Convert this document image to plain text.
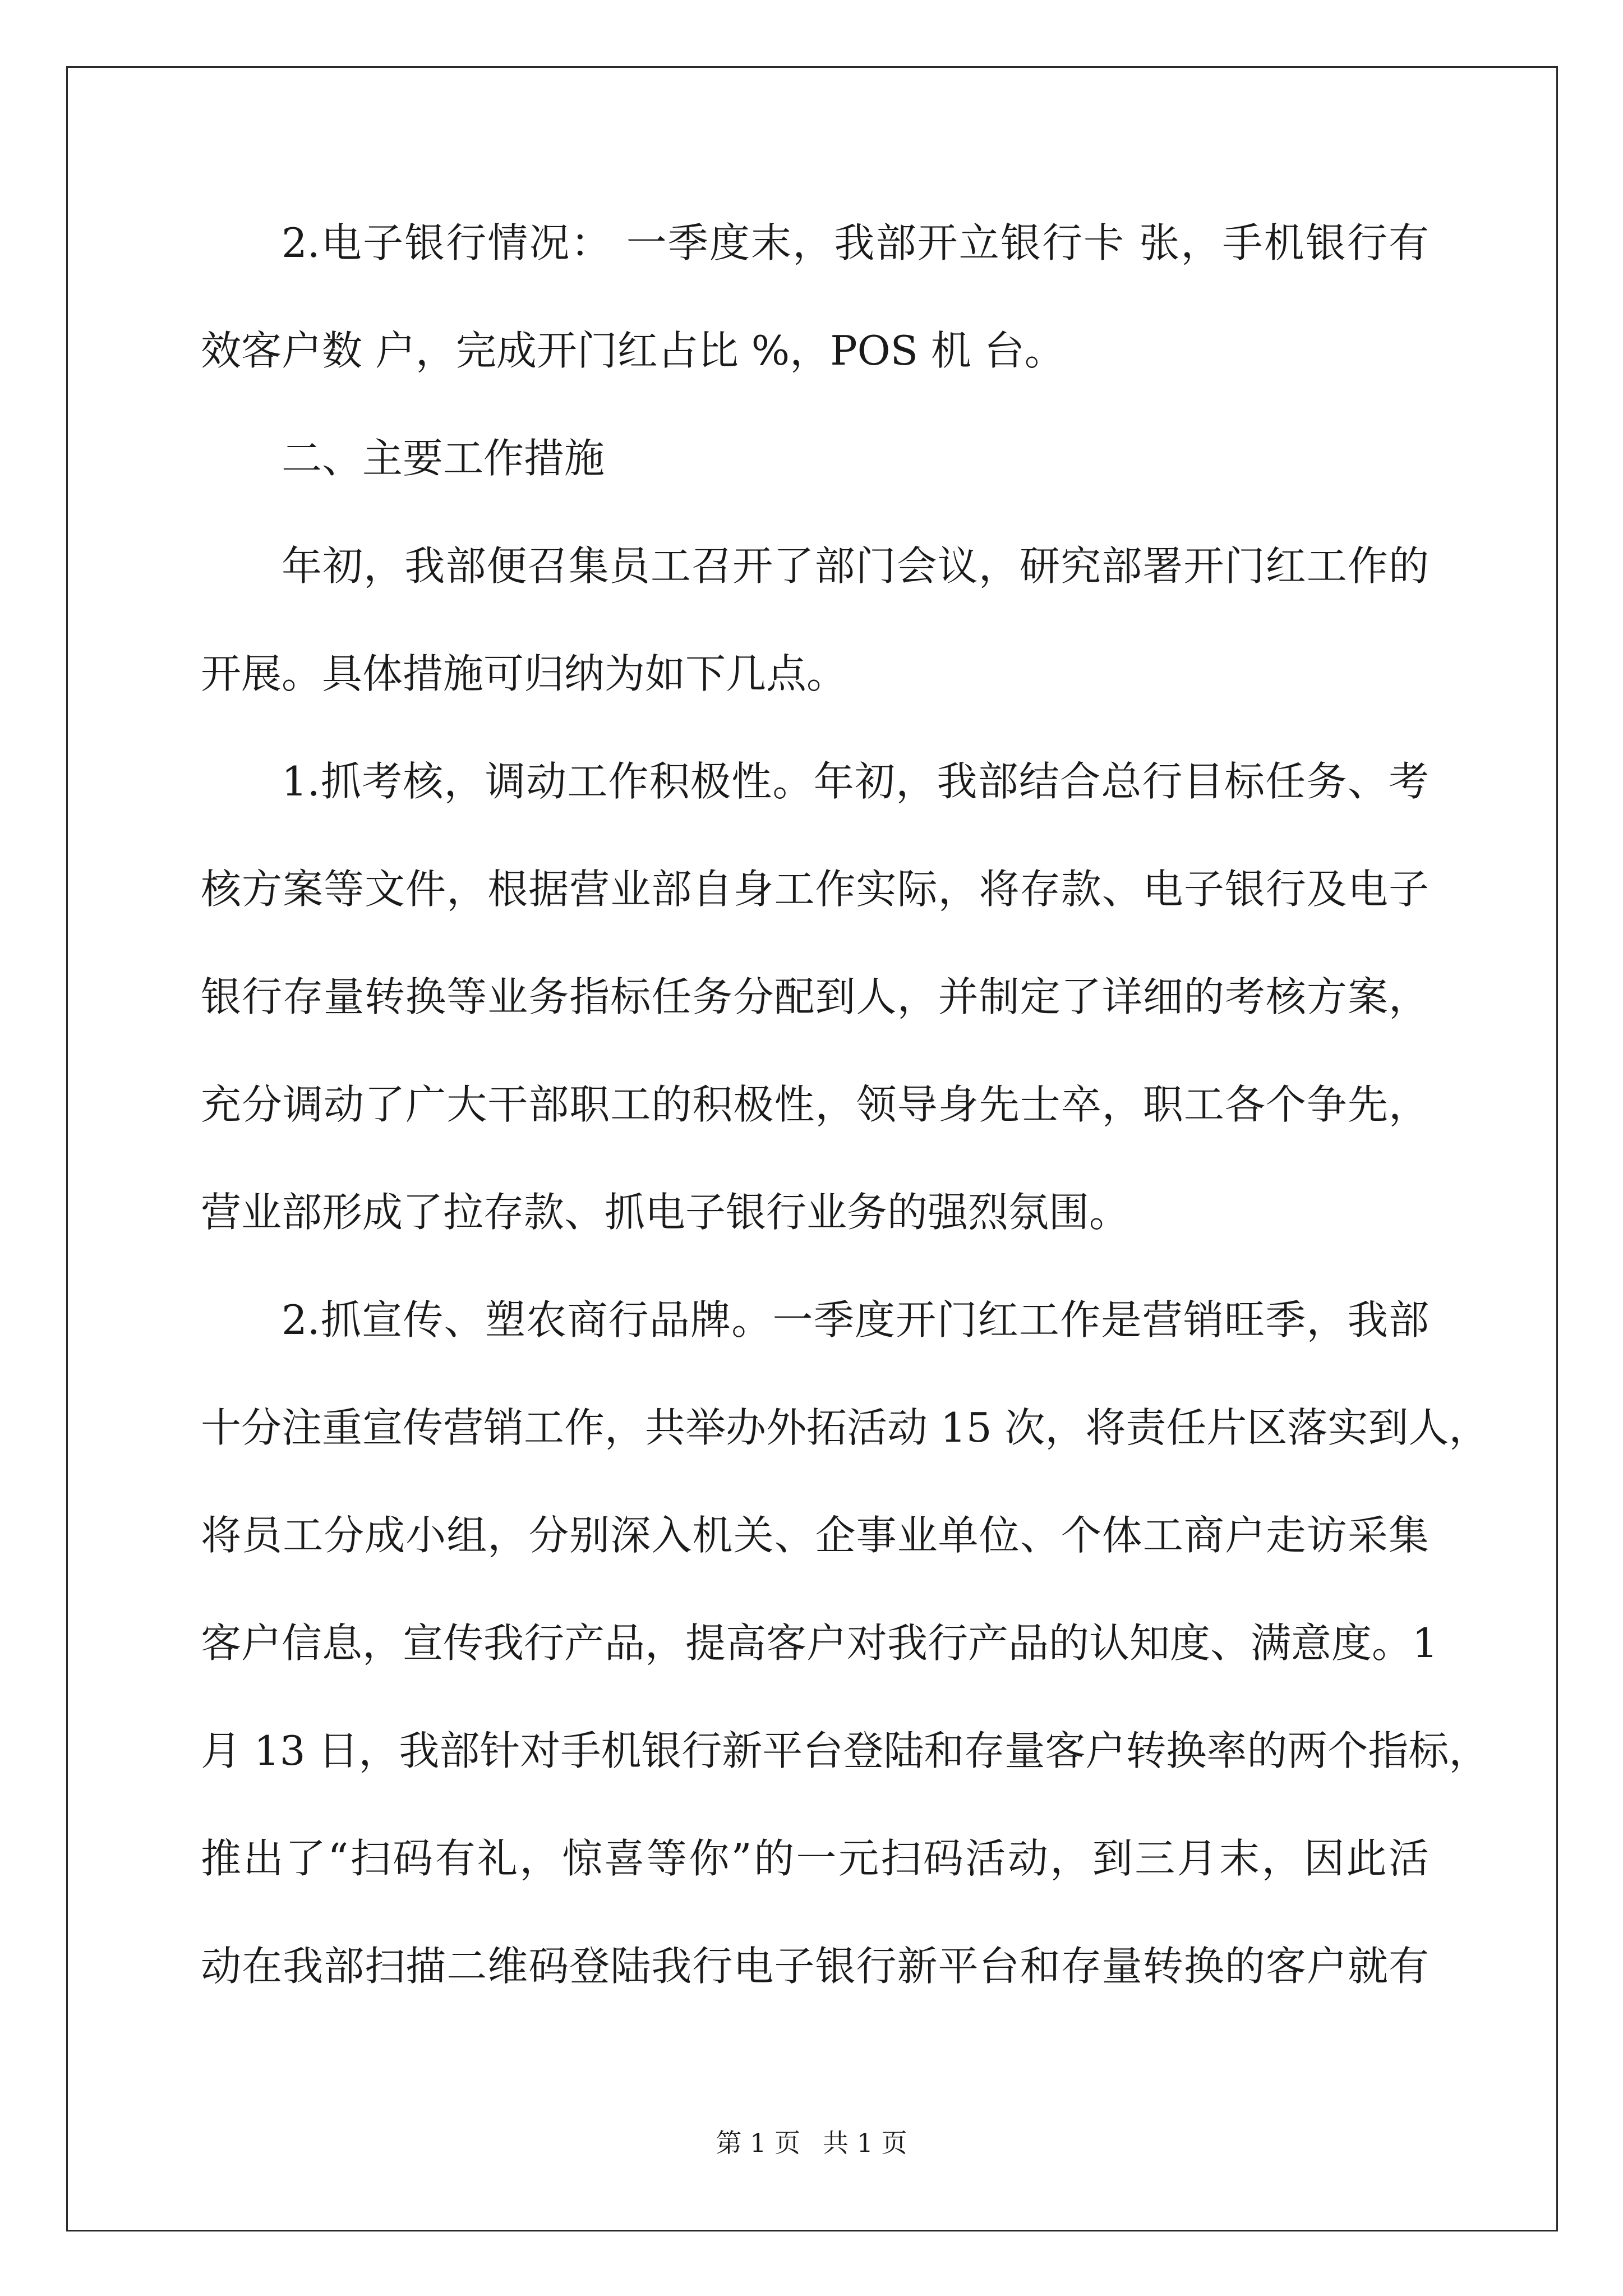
2.电子银行情况： 一季度末，我部开立银行卡 张，手机银行有
效客户数 户，完成开门红占比 %，POS 机 台。
二、主要工作措施
年初，我部便召集员工召开了部门会议，研究部署开门红工作的
开展。具体措施可归纳为如下几点。
1.抓考核，调动工作积极性。年初，我部结合总行目标任务、考
核方案等文件，根据营业部自身工作实际，将存款、电子银行及电子
银行存量转换等业务指标任务分配到人，并制定了详细的考核方案，
充分调动了广大干部职工的积极性，领导身先士卒，职工各个争先，
营业部形成了拉存款、抓电子银行业务的强烈氛围。
2.抓宣传、塑农商行品牌。一季度开门红工作是营销旺季，我部
十分注重宣传营销工作，共举办外拓活动 15 次，将责任片区落实到人，
将员工分成小组，分别深入机关、企事业单位、个体工商户走访采集
客户信息，宣传我行产品，提高客户对我行产品的认知度、满意度。1
月 13 日，我部针对手机银行新平台登陆和存量客户转换率的两个指标，
推出了“扫码有礼，惊喜等你”的一元扫码活动，到三月末，因此活
动在我部扫描二维码登陆我行电子银行新平台和存量转换的客户就有
第 1 页 共 1 页
